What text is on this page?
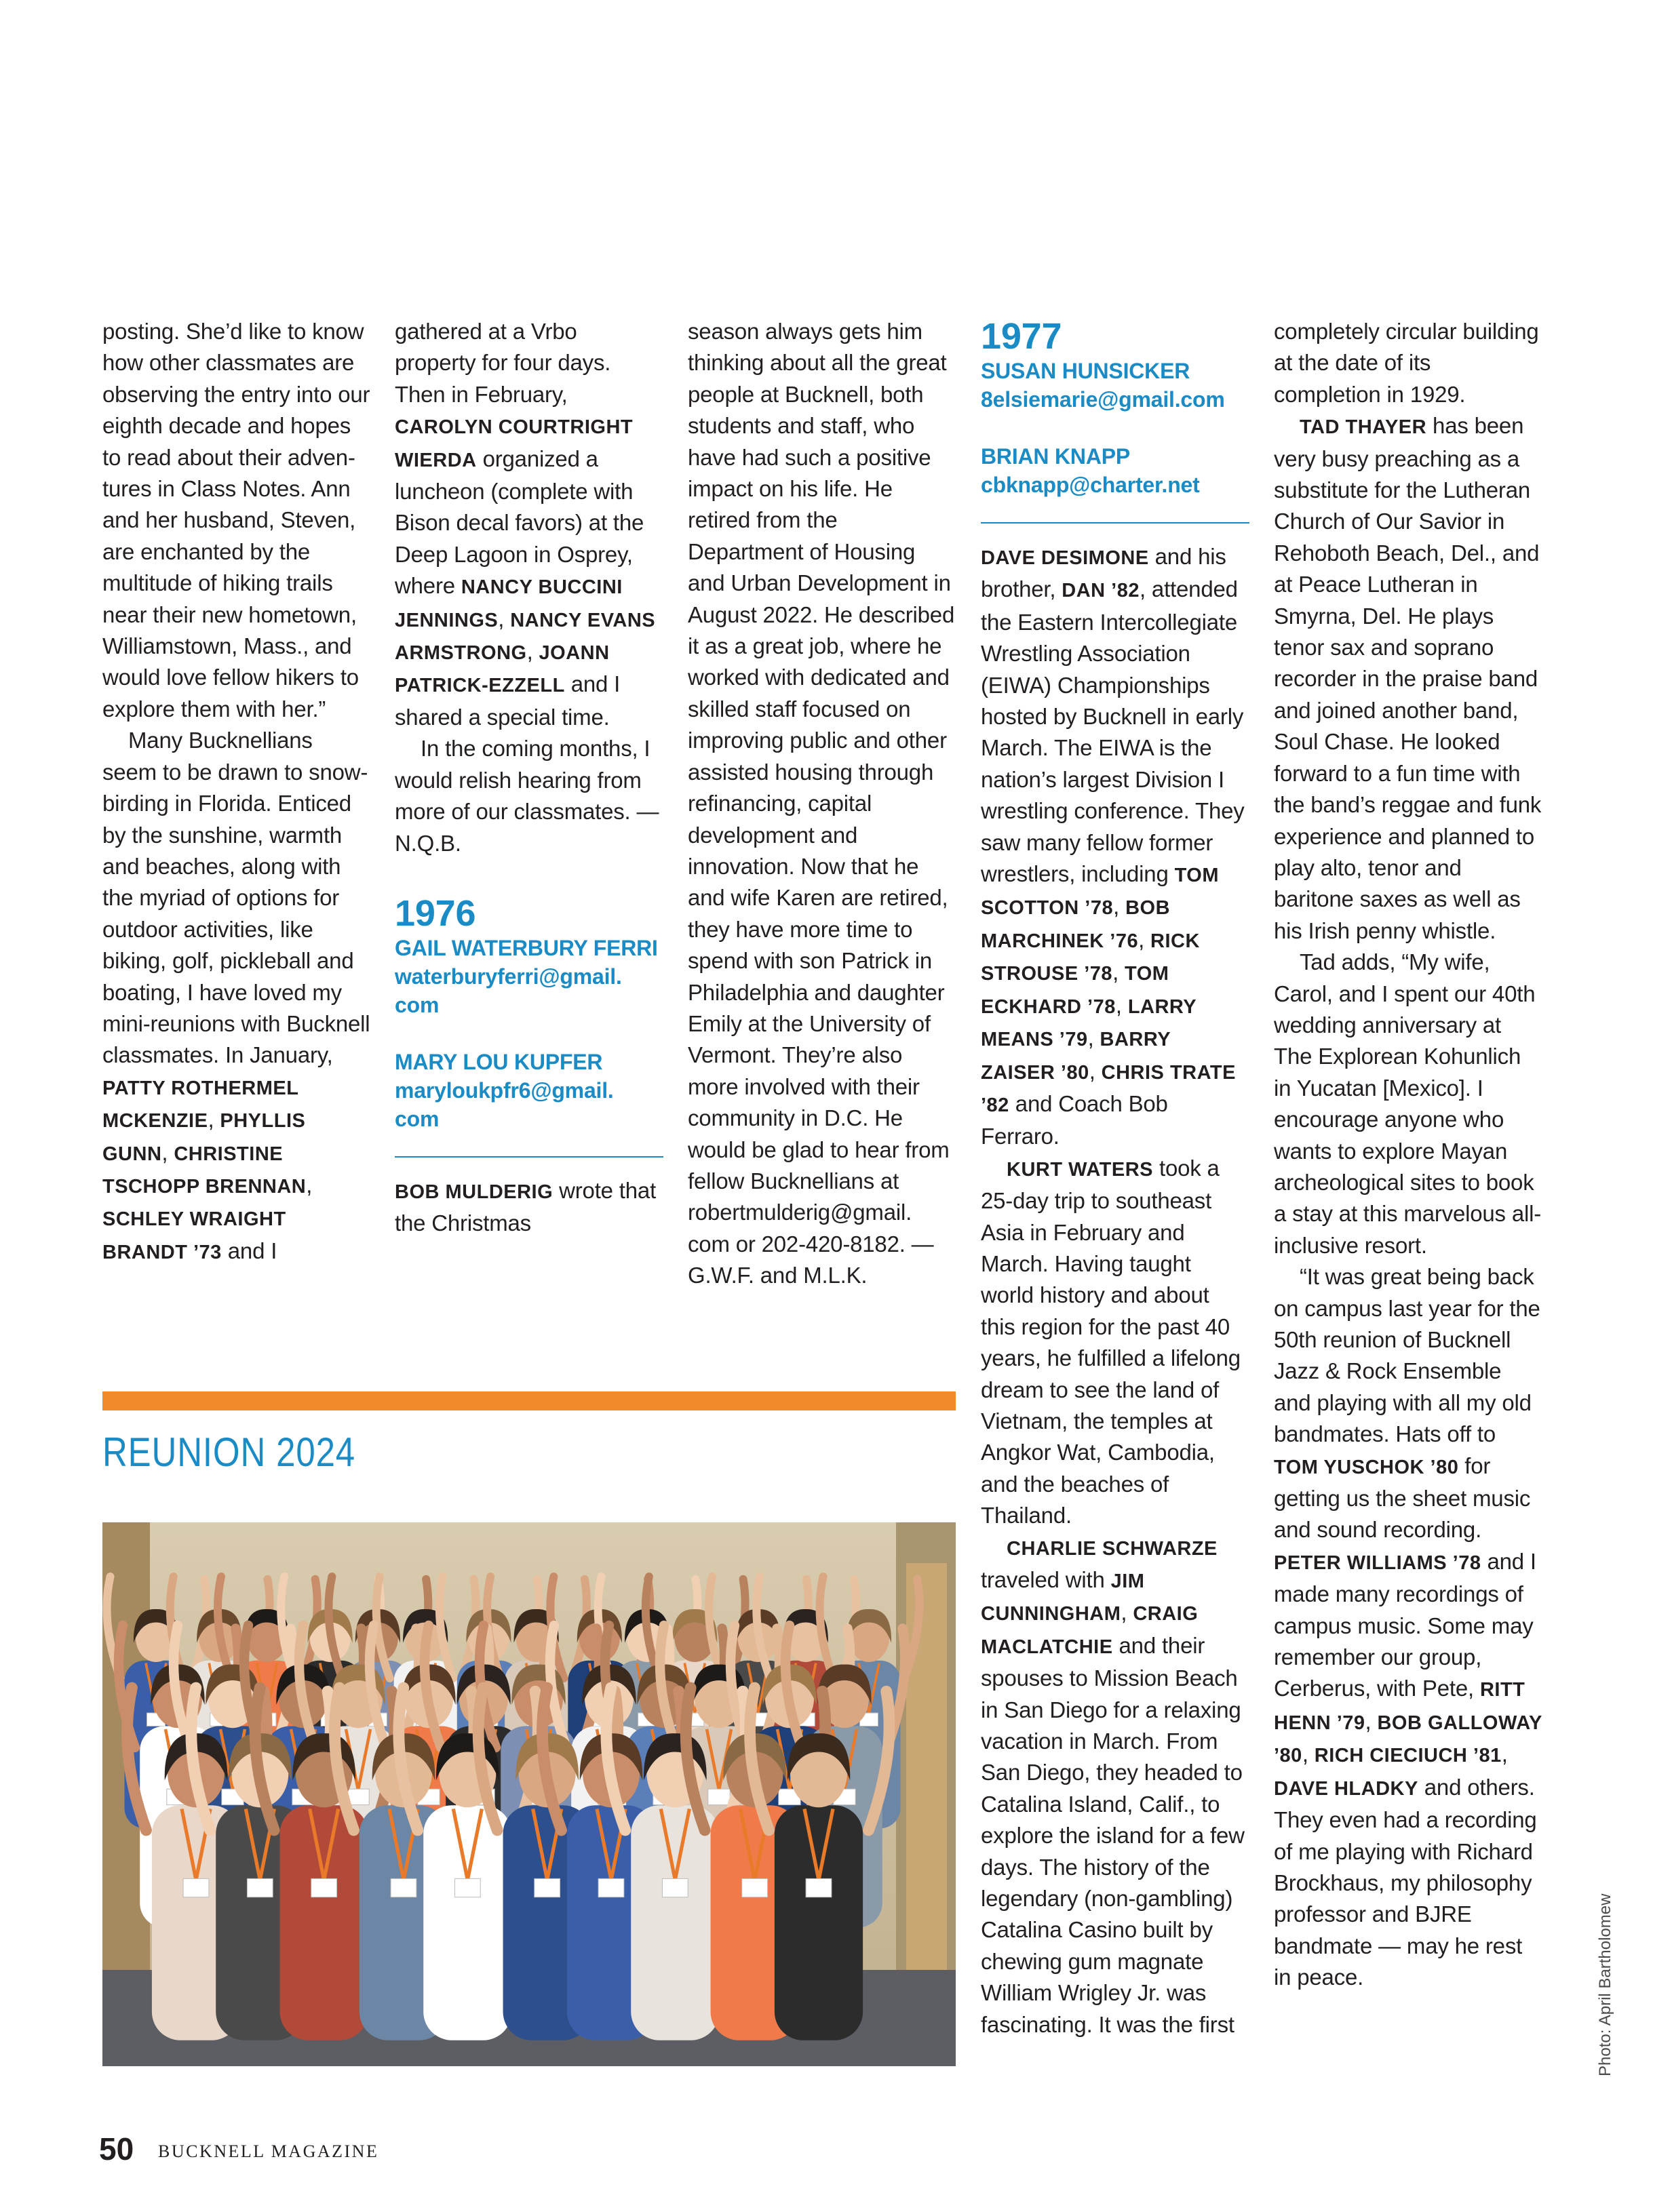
posting. She’d like to know how other classmates are observing the entry into our eighth decade and hopes to read about their adventures in Class Notes. Ann and her husband, Steven, are enchanted by the multitude of hiking trails near their new hometown, Williamstown, Mass., and would love fellow hikers to explore them with her.”

Many Bucknellians seem to be drawn to snow-birding in Florida. Enticed by the sunshine, warmth and beaches, along with the myriad of options for outdoor activities, like biking, golf, pickleball and boating, I have loved my mini-reunions with Bucknell classmates. In January, PATTY ROTHERMEL MCKENZIE, PHYLLIS GUNN, CHRISTINE TSCHOPP BRENNAN, SCHLEY WRAIGHT BRANDT ’73 and I

gathered at a Vrbo property for four days. Then in February, CAROLYN COURTRIGHT WIERDA organized a luncheon (complete with Bison decal favors) at the Deep Lagoon in Osprey, where NANCY BUCCINI JENNINGS, NANCY EVANS ARMSTRONG, JOANN PATRICK-EZZELL and I shared a special time.

In the coming months, I would relish hearing from more of our classmates. — N.Q.B.

1976

GAIL WATERBURY FERRI

waterburyferri@gmail. com

MARY LOU KUPFER

maryloukpfr6@gmail. com

BOB MULDERIG wrote that the Christmas

season always gets him thinking about all the great people at Bucknell, both students and staff, who have had such a positive impact on his life. He retired from the Department of Housing and Urban Development in August 2022. He described it as a great job, where he worked with dedicated and skilled staff focused on improving public and other assisted housing through refinancing, capital development and innovation. Now that he and wife Karen are retired, they have more time to spend with son Patrick in Philadelphia and daughter Emily at the University of Vermont. They’re also more involved with their community in D.C. He would be glad to hear from fellow Bucknellians at robertmulderig@gmail. com or 202-420-8182. — G.W.F. and M.L.K.

1977

SUSAN HUNSICKER

8elsiemarie@gmail.com

BRIAN KNAPP

cbknapp@charter.net

DAVE DESIMONE and his brother, DAN ’82, attended the Eastern Intercollegiate Wrestling Association (EIWA) Championships hosted by Bucknell in early March. The EIWA is the nation’s largest Division I wrestling conference. They saw many fellow former wrestlers, including TOM SCOTTON ’78, BOB MARCHINEK ’76, RICK STROUSE ’78, TOM ECKHARD ’78, LARRY MEANS ’79, BARRY ZAISER ’80, CHRIS TRATE ’82 and Coach Bob Ferraro.

KURT WATERS took a 25-day trip to southeast Asia in February and March. Having taught world history and about this region for the past 40 years, he fulfilled a lifelong dream to see the land of Vietnam, the temples at Angkor Wat, Cambodia, and the beaches of Thailand.

CHARLIE SCHWARZE traveled with JIM CUNNINGHAM, CRAIG MACLATCHIE and their spouses to Mission Beach in San Diego for a relaxing vacation in March. From San Diego, they headed to Catalina Island, Calif., to explore the island for a few days. The history of the legendary (non-gambling) Catalina Casino built by chewing gum magnate William Wrigley Jr. was fascinating. It was the first

completely circular building at the date of its completion in 1929.

TAD THAYER has been very busy preaching as a substitute for the Lutheran Church of Our Savior in Rehoboth Beach, Del., and at Peace Lutheran in Smyrna, Del. He plays tenor sax and soprano recorder in the praise band and joined another band, Soul Chase. He looked forward to a fun time with the band’s reggae and funk experience and planned to play alto, tenor and baritone saxes as well as his Irish penny whistle.

Tad adds, “My wife, Carol, and I spent our 40th wedding anniversary at The Explorean Kohunlich in Yucatan [Mexico]. I encourage anyone who wants to explore Mayan archeological sites to book a stay at this marvelous all-inclusive resort.

“It was great being back on campus last year for the 50th reunion of Bucknell Jazz & Rock Ensemble and playing with all my old bandmates. Hats off to TOM YUSCHOK ’80 for getting us the sheet music and sound recording. PETER WILLIAMS ’78 and I made many recordings of campus music. Some may remember our group, Cerberus, with Pete, RITT HENN ’79, BOB GALLOWAY ’80, RICH CIECIUCH ’81, DAVE HLADKY and others. They even had a recording of me playing with Richard Brockhaus, my philosophy professor and BJRE bandmate — may he rest in peace.

REUNION 2024
Photo: April Bartholomew
50 BUCKNELL MAGAZINE
